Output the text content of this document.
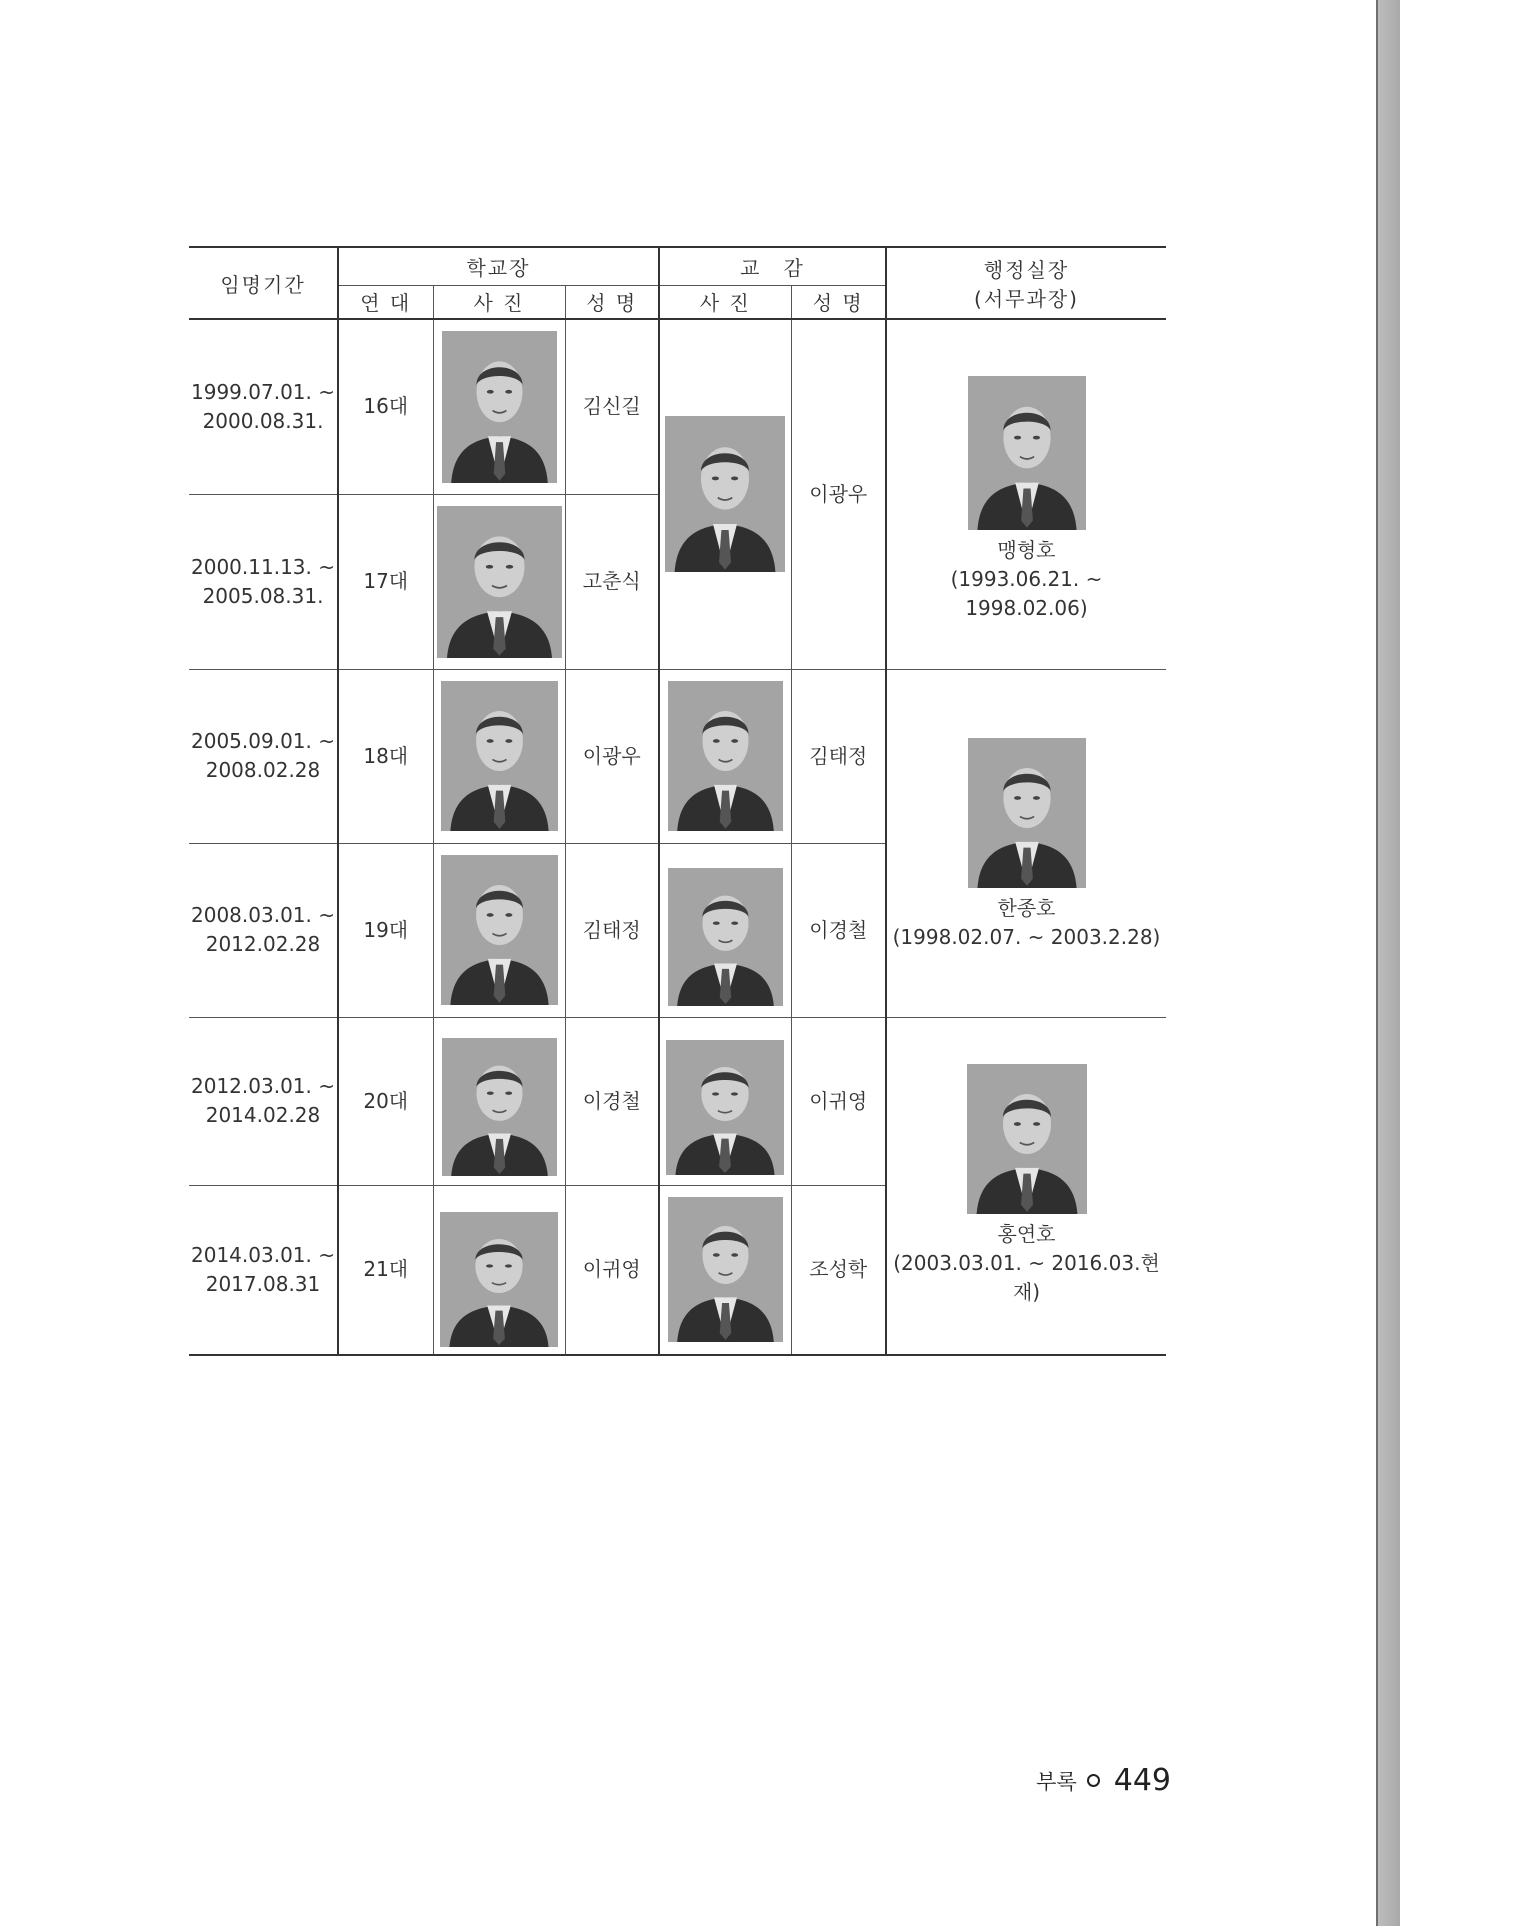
임명기간	학교장			교　감		행정실장
(서무과장)

	연 대	사 진	성 명	사 진	성 명	

1999.07.01. ~
2000.08.31.	16대		김신길		이광우	맹형호
(1993.06.21. ~ 1998.02.06)

2000.11.13. ~
2005.08.31.	17대		고춘식			

2005.09.01. ~
2008.02.28	18대		이광우		김태정	한종호
(1998.02.07. ~ 2003.2.28)

2008.03.01. ~
2012.02.28	19대		김태정		이경철	

2012.03.01. ~
2014.02.28	20대		이경철		이귀영	홍연호
(2003.03.01. ~ 2016.03.현재)

2014.03.01. ~
2017.08.31	21대		이귀영		조성학	
부록 449
